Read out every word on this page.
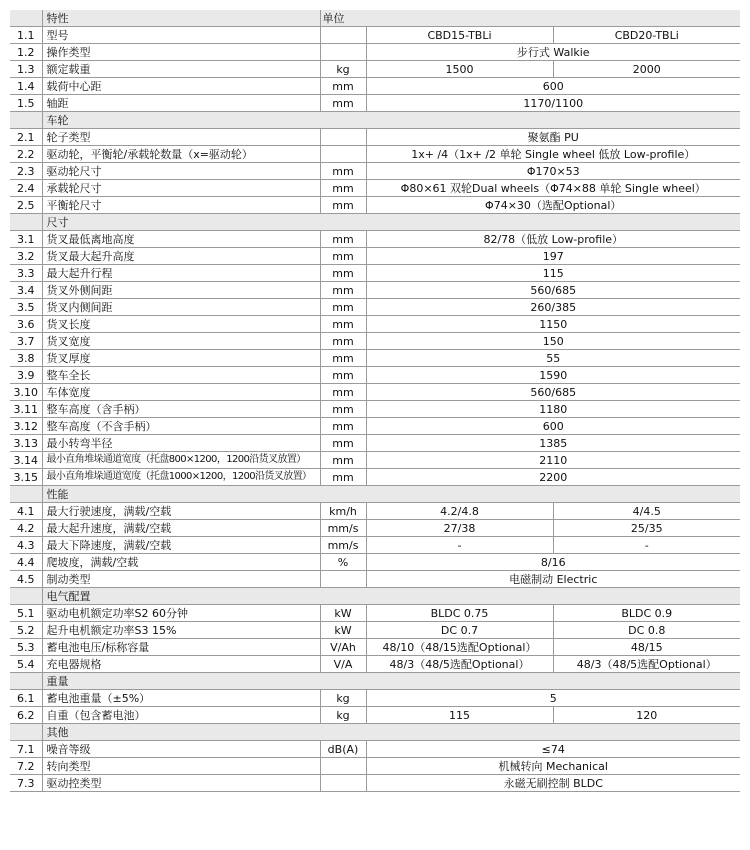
	特性	单位		
1.1	型号		CBD15-TBLi	CBD20-TBLi
1.2	操作类型		步行式 Walkie	
1.3	额定载重	kg	1500	2000
1.4	载荷中心距	mm	600	
1.5	轴距	mm	1170/1100	
	车轮			
2.1	轮子类型		聚氨酯 PU	
2.2	驱动轮，平衡轮/承载轮数量（x=驱动轮）		1x+ /4（1x+ /2 单轮 Single wheel 低放 Low-profile）	
2.3	驱动轮尺寸	mm	Φ170×53	
2.4	承载轮尺寸	mm	Φ80×61 双轮Dual wheels（Φ74×88 单轮 Single wheel）	
2.5	平衡轮尺寸	mm	Φ74×30（选配Optional）	
	尺寸			
3.1	货叉最低离地高度	mm	82/78（低放 Low-profile）	
3.2	货叉最大起升高度	mm	197	
3.3	最大起升行程	mm	115	
3.4	货叉外侧间距	mm	560/685	
3.5	货叉内侧间距	mm	260/385	
3.6	货叉长度	mm	1150	
3.7	货叉宽度	mm	150	
3.8	货叉厚度	mm	55	
3.9	整车全长	mm	1590	
3.10	车体宽度	mm	560/685	
3.11	整车高度（含手柄）	mm	1180	
3.12	整车高度（不含手柄）	mm	600	
3.13	最小转弯半径	mm	1385	
3.14	最小直角堆垛通道宽度（托盘800×1200，1200沿货叉放置）	mm	2110	
3.15	最小直角堆垛通道宽度（托盘1000×1200，1200沿货叉放置）	mm	2200	
	性能			
4.1	最大行驶速度，满载/空载	km/h	4.2/4.8	4/4.5
4.2	最大起升速度，满载/空载	mm/s	27/38	25/35
4.3	最大下降速度，满载/空载	mm/s	-	-
4.4	爬坡度，满载/空载	%	8/16	
4.5	制动类型		电磁制动 Electric	
	电气配置			
5.1	驱动电机额定功率S2 60分钟	kW	BLDC 0.75	BLDC 0.9
5.2	起升电机额定功率S3 15%	kW	DC 0.7	DC 0.8
5.3	蓄电池电压/标称容量	V/Ah	48/10（48/15选配Optional）	48/15
5.4	充电器规格	V/A	48/3（48/5选配Optional）	48/3（48/5选配Optional）
	重量			
6.1	蓄电池重量（±5%）	kg	5	
6.2	自重（包含蓄电池）	kg	115	120
	其他			
7.1	噪音等级	dB(A)	≤74	
7.2	转向类型		机械转向 Mechanical	
7.3	驱动控类型		永磁无刷控制 BLDC	
